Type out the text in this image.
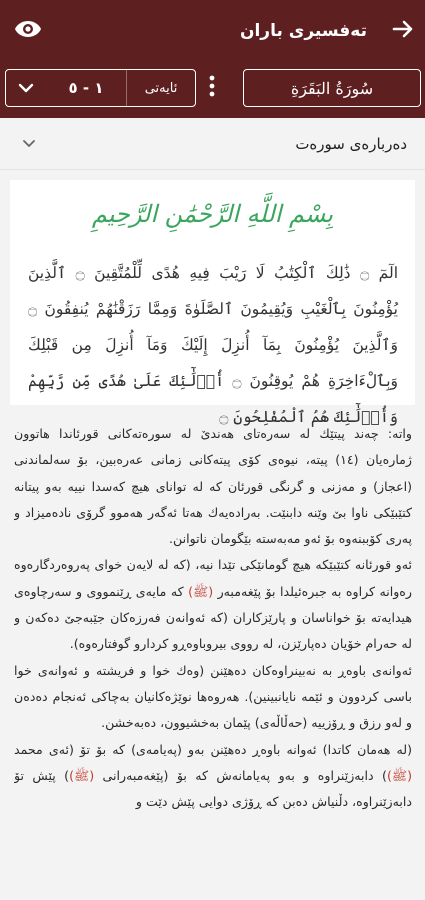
تەفسیری باران
١ - ٥	ئایەتی	سُورَةُ البَقَرَةِ
دەربارەی سورەت
بِسْمِ اللَّهِ الرَّحْمَٰنِ الرَّحِيمِ
الٓمٓ ۝ ذَٰلِكَ ٱلْكِتَٰبُ لَا رَيْبَ فِيهِ هُدًى لِّلْمُتَّقِينَ ۝ ٱلَّذِينَ يُؤْمِنُونَ بِٱلْغَيْبِ وَيُقِيمُونَ ٱلصَّلَوٰةَ وَمِمَّا رَزَقْنَٰهُمْ يُنفِقُونَ ۝ وَٱلَّذِينَ يُؤْمِنُونَ بِمَآ أُنزِلَ إِلَيْكَ وَمَآ أُنزِلَ مِن قَبْلِكَ وَبِٱلْءَاخِرَةِ هُمْ يُوقِنُونَ ۝ أُو۟لَٰٓئِكَ عَلَىٰ هُدًى مِّن رَّبِّهِمْ وَأُو۟لَٰٓئِكَ هُمُ ٱلْمُفْلِحُونَ ۝

واتە: چەند پیتێك لە سەرەتای هەندێ لە سورەتەكانی قورئاندا هاتوون ژمارەیان (١٤) پیتە، نیوەی كۆی پیتەكانی زمانی عەرەبین، بۆ سەلماندنی (اعجاز) و مەزنی و گرنگی قورئان كە لە توانای هیچ كەسدا نییە بەو پیتانە كتێبێكی ناوا بێ وێنە دابنێت. بەرادەیەك هەتا ئەگەر هەموو گرۆی نادەمیزاد و پەری كۆببنەوە بۆ ئەو مەبەستە بێگومان ناتوانن.

ئەو قورئانە كتێبێكە هیچ گومانێكی تێدا نیە، (كە لە لایەن خوای پەروەردگارەوە رەوانە كراوە بە جبرەئیلدا بۆ پێغەمبەر (ﷺ) كە مایەی ڕێنمووی و سەرچاوەی هیدایەتە بۆ خواناسان و پارێزكاران (كە ئەوانەن فەرزەكان جێبەجێ دەكەن و لە حەرام خۆیان دەپارێزن، لە رووی بیروباوەڕو كردارو گوفتارەوە).

ئەوانەی باوەڕ بە نەبینراوەكان دەهێنن (وەك خوا و فریشتە و ئەوانەی خوا باسی كردوون و ئێمە نایانبینین). هەروەها نوێژەكانیان بەچاكی ئەنجام دەدەن و لەو رزق و ڕۆزییە (حەڵاڵەی) پێمان بەخشیوون، دەبەخشن.

(لە هەمان كاتدا) ئەوانە باوەڕ دەهێنن بەو (پەیامەی) كە بۆ تۆ (ئەی محمد (ﷺ)) دابەزێنراوە و بەو پەیامانەش كە بۆ (پێغەمبەرانی (ﷺ)) پێش تۆ دابەزێنراوە، دڵنیاش دەبن كە ڕۆژی دوایی پێش دێت و
